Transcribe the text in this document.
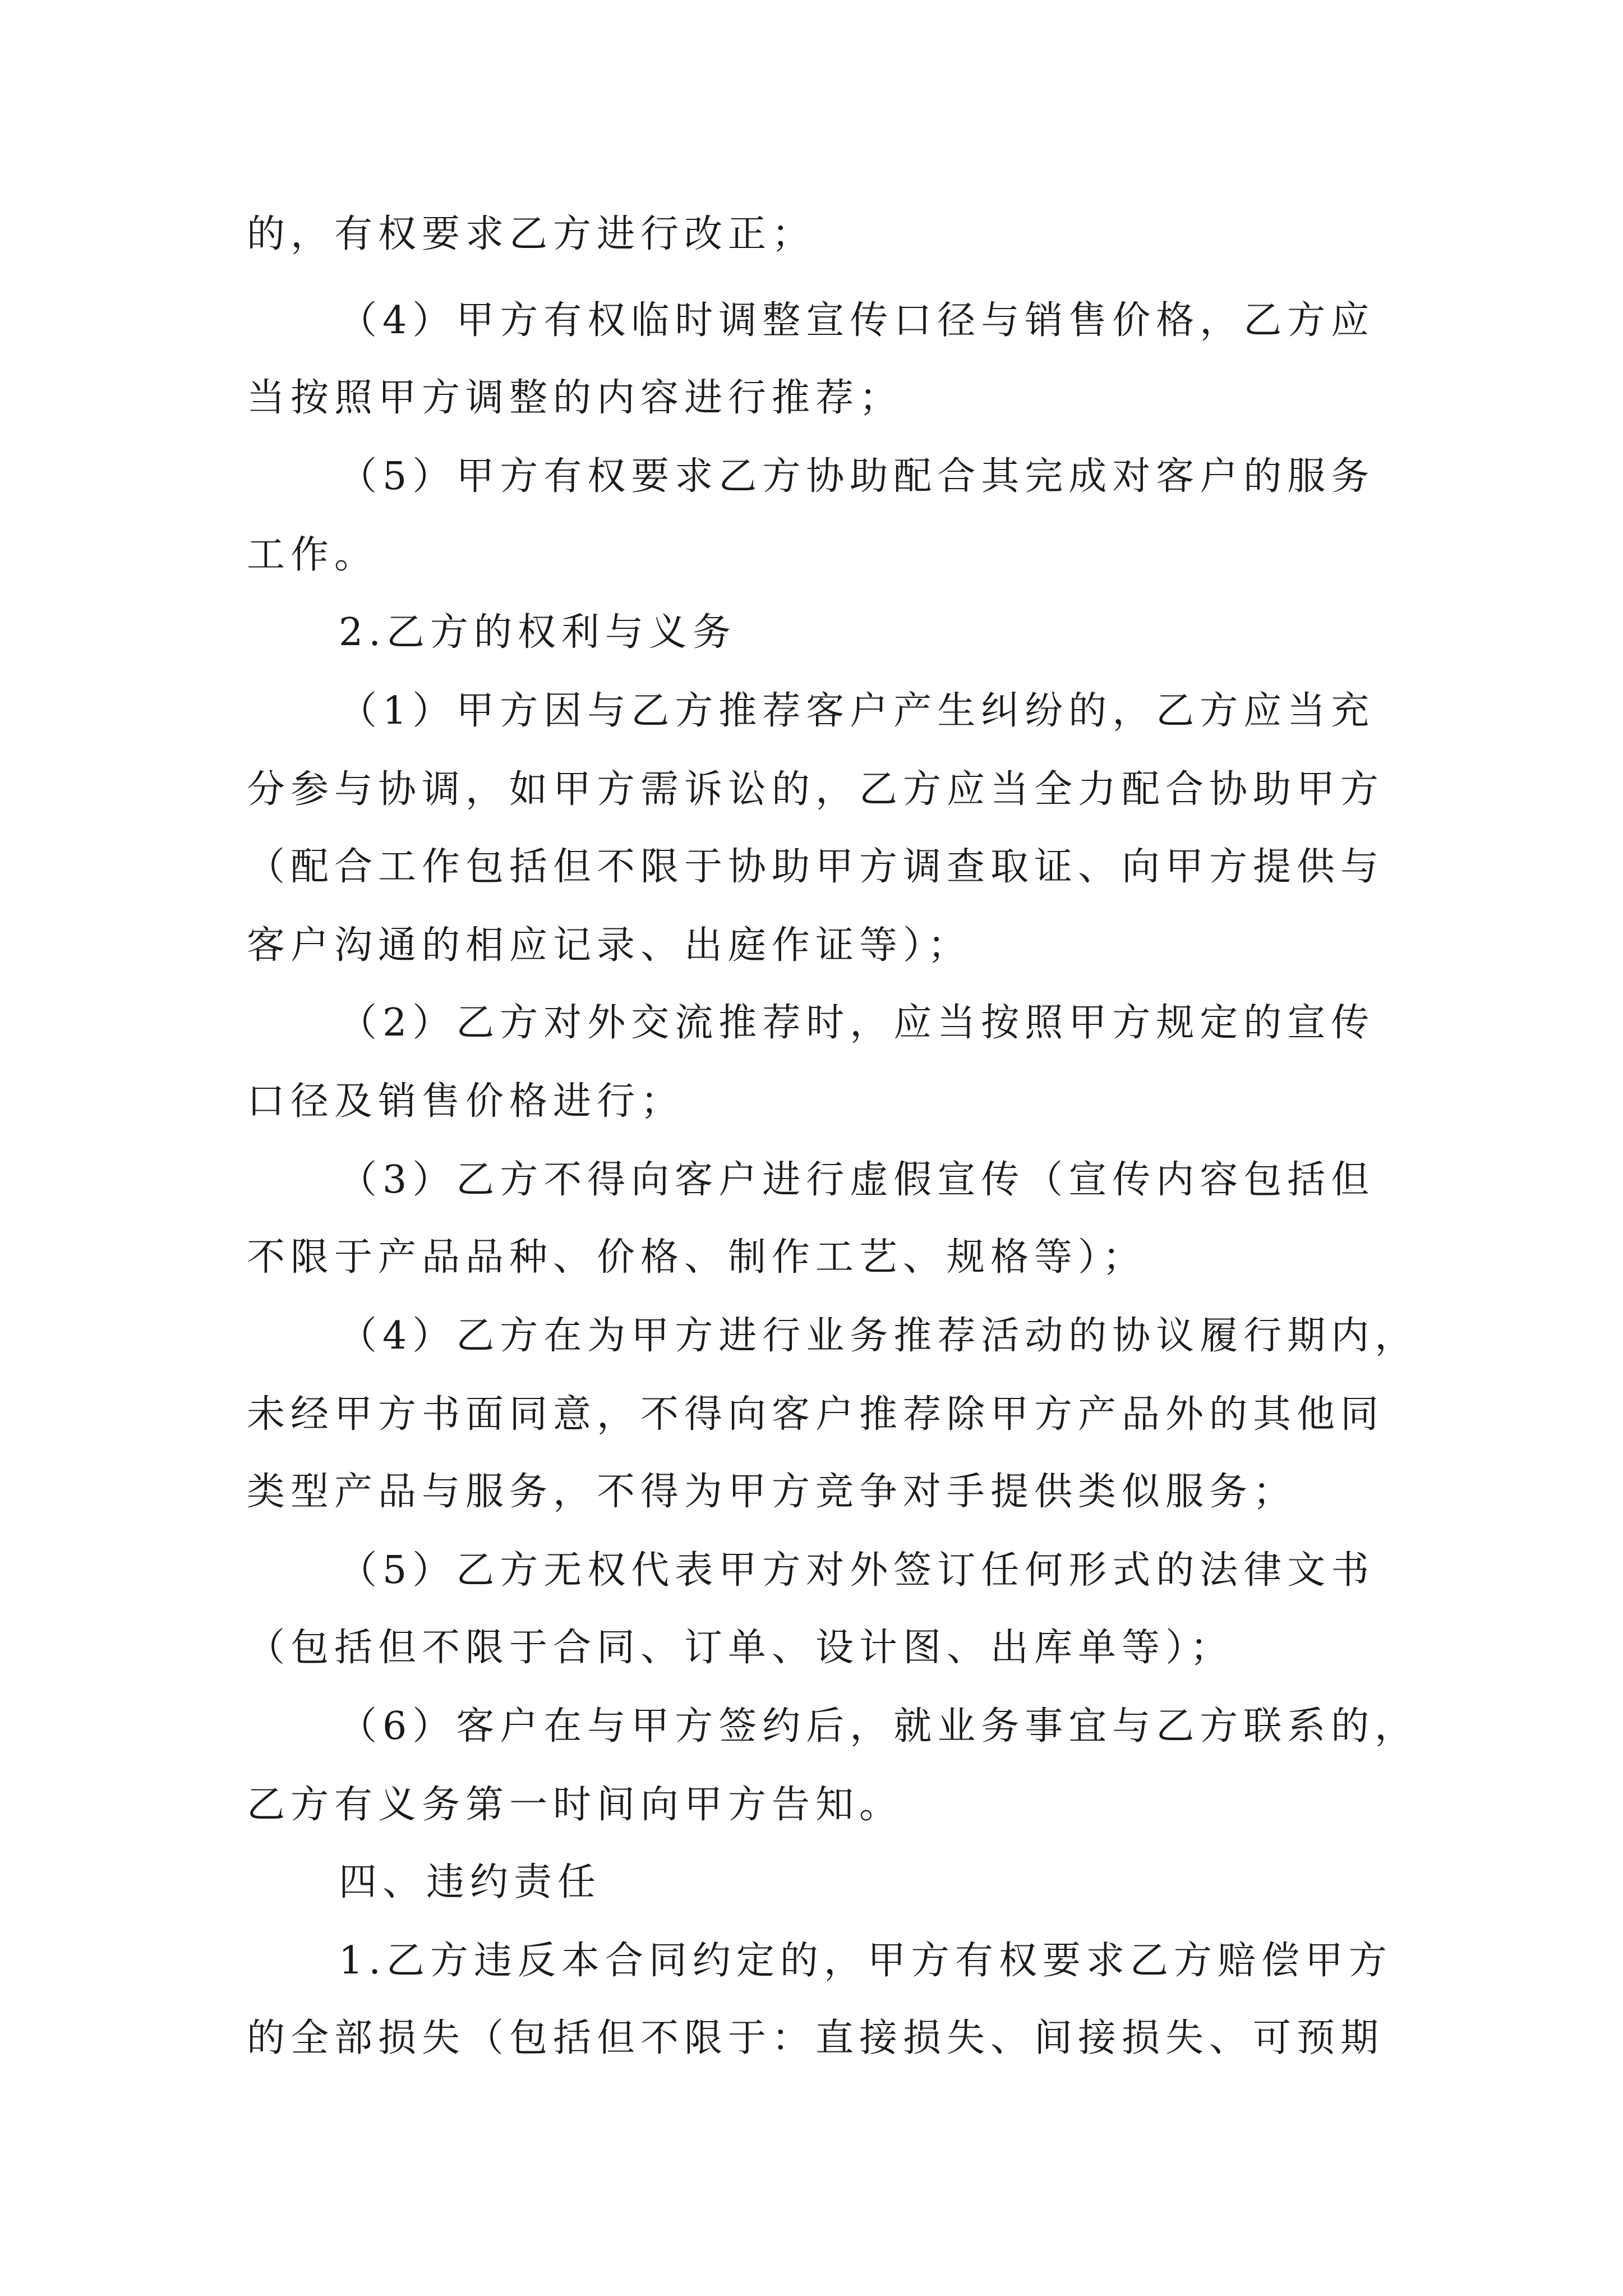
的，有权要求乙方进行改正；
（4）甲方有权临时调整宣传口径与销售价格，乙方应
当按照甲方调整的内容进行推荐；
（5）甲方有权要求乙方协助配合其完成对客户的服务
工作。
2.乙方的权利与义务
（1）甲方因与乙方推荐客户产生纠纷的，乙方应当充
分参与协调，如甲方需诉讼的，乙方应当全力配合协助甲方
（配合工作包括但不限于协助甲方调查取证、向甲方提供与
客户沟通的相应记录、出庭作证等）；
（2）乙方对外交流推荐时，应当按照甲方规定的宣传
口径及销售价格进行；
（3）乙方不得向客户进行虚假宣传（宣传内容包括但
不限于产品品种、价格、制作工艺、规格等）；
（4）乙方在为甲方进行业务推荐活动的协议履行期内，
未经甲方书面同意，不得向客户推荐除甲方产品外的其他同
类型产品与服务，不得为甲方竞争对手提供类似服务；
（5）乙方无权代表甲方对外签订任何形式的法律文书
（包括但不限于合同、订单、设计图、出库单等）；
（6）客户在与甲方签约后，就业务事宜与乙方联系的，
乙方有义务第一时间向甲方告知。
四、违约责任
1.乙方违反本合同约定的，甲方有权要求乙方赔偿甲方
的全部损失（包括但不限于：直接损失、间接损失、可预期
